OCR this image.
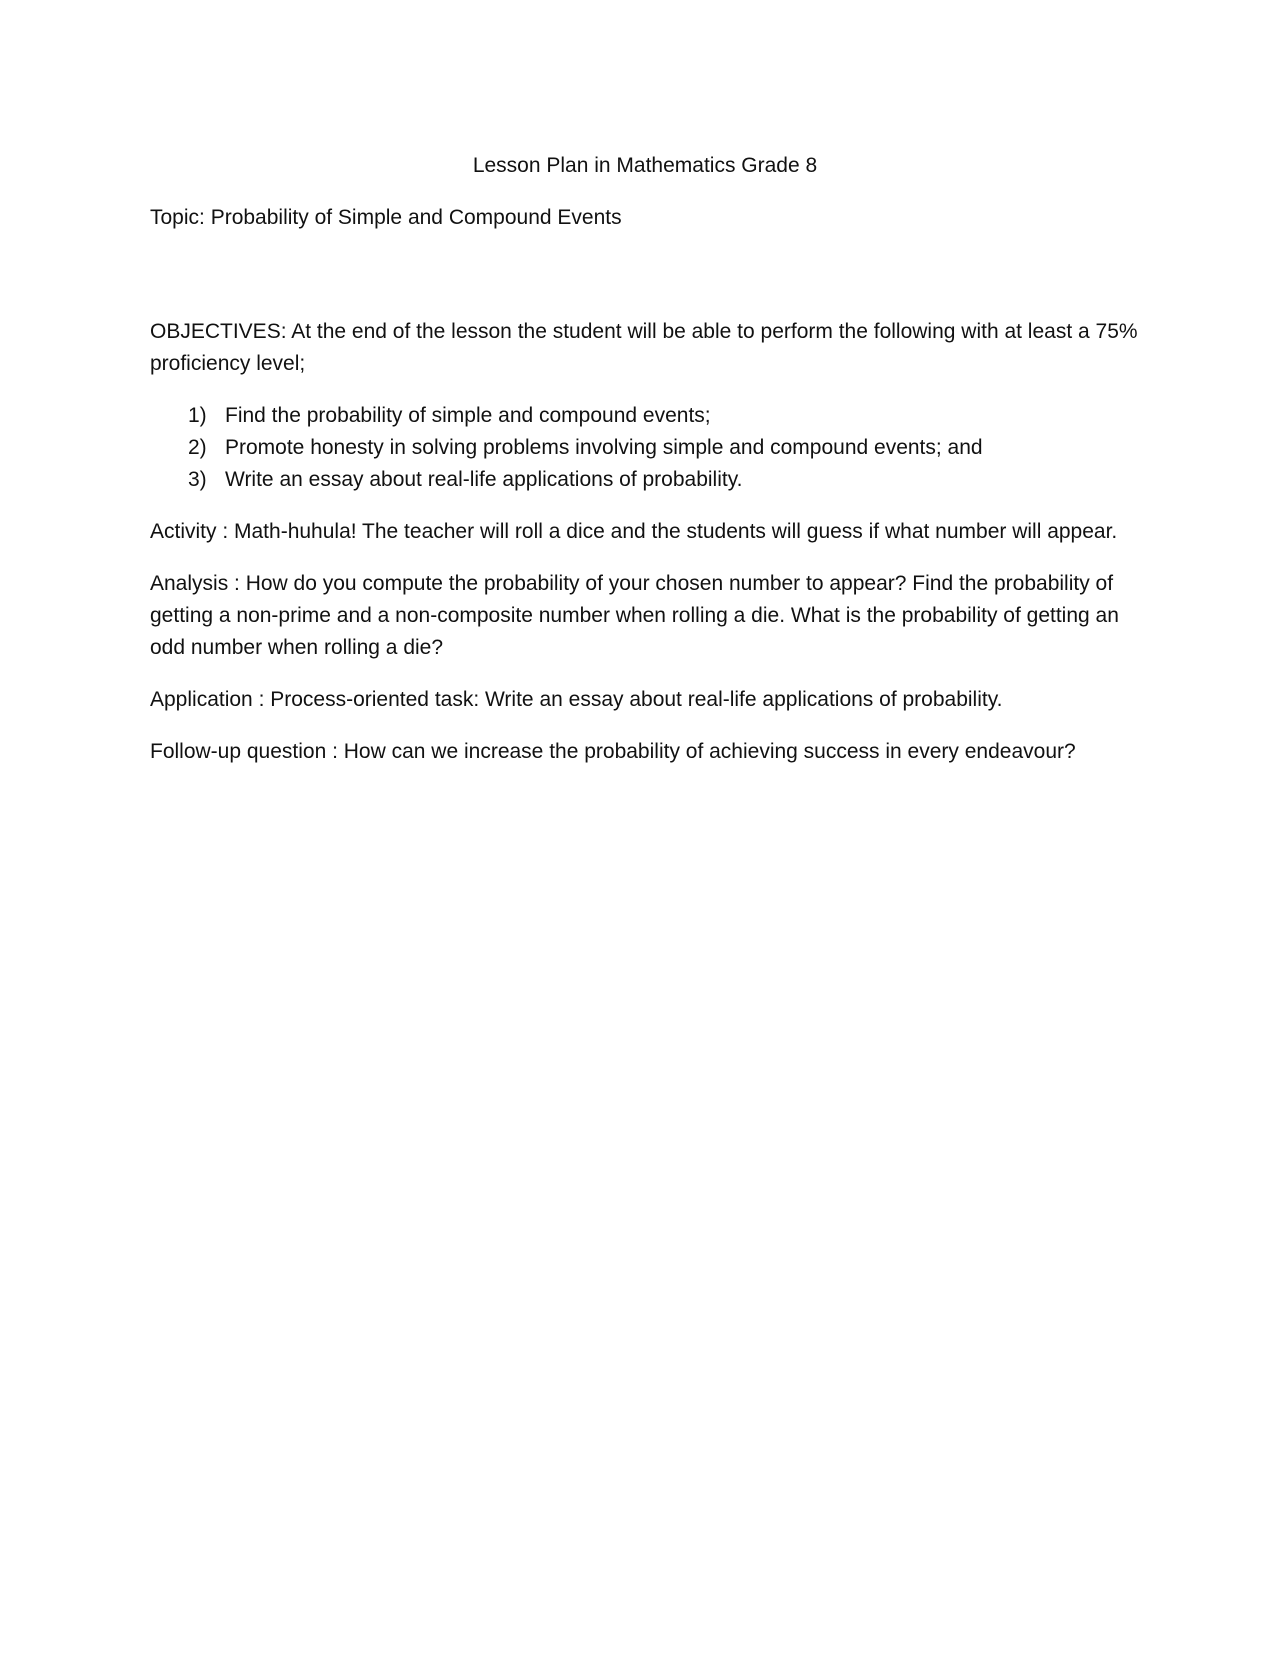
Lesson Plan in Mathematics Grade 8
Topic: Probability of Simple and Compound Events
OBJECTIVES: At the end of the lesson the student will be able to perform the following with at least a 75% proficiency level;
1) Find the probability of simple and compound events;
2) Promote honesty in solving problems involving simple and compound events; and
3) Write an essay about real-life applications of probability.
Activity : Math-huhula! The teacher will roll a dice and the students will guess if what number will appear.
Analysis : How do you compute the probability of your chosen number to appear? Find the probability of getting a non-prime and a non-composite number when rolling a die. What is the probability of getting an odd number when rolling a die?
Application : Process-oriented task: Write an essay about real-life applications of probability.
Follow-up question : How can we increase the probability of achieving success in every endeavour?
